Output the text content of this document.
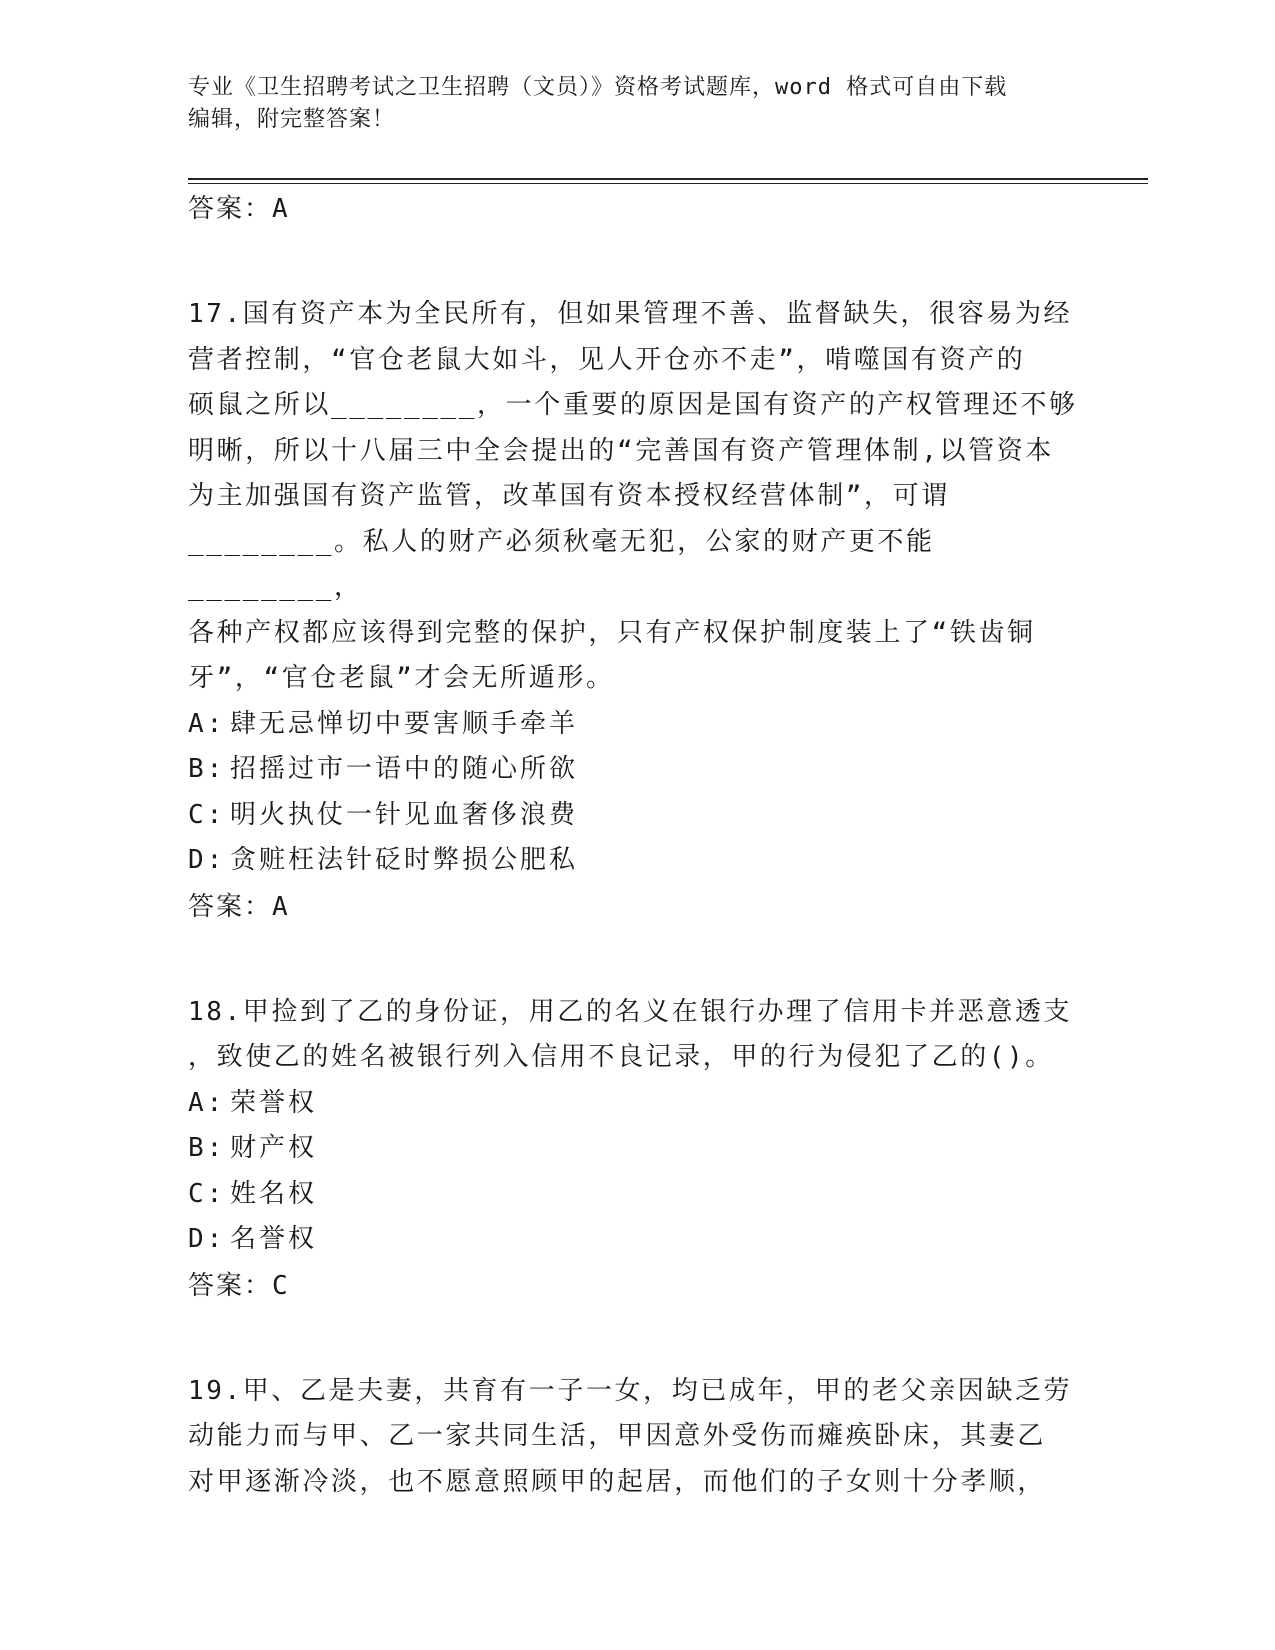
专业《卫生招聘考试之卫生招聘（文员）》资格考试题库，word 格式可自由下载
编辑，附完整答案！
答案：A
17.国有资产本为全民所有，但如果管理不善、监督缺失，很容易为经
营者控制，“官仓老鼠大如斗，见人开仓亦不走”，啃噬国有资产的
硕鼠之所以________，一个重要的原因是国有资产的产权管理还不够
明晰，所以十八届三中全会提出的“完善国有资产管理体制,以管资本
为主加强国有资产监管，改革国有资本授权经营体制”，可谓
________。私人的财产必须秋毫无犯，公家的财产更不能________，
各种产权都应该得到完整的保护，只有产权保护制度装上了“铁齿铜
牙”，“官仓老鼠”才会无所遁形。
A: 肆无忌惮切中要害顺手牵羊
B: 招摇过市一语中的随心所欲
C: 明火执仗一针见血奢侈浪费
D: 贪赃枉法针砭时弊损公肥私
答案：A
18.甲捡到了乙的身份证，用乙的名义在银行办理了信用卡并恶意透支
，致使乙的姓名被银行列入信用不良记录，甲的行为侵犯了乙的()。
A: 荣誉权
B: 财产权
C: 姓名权
D: 名誉权
答案：C
19.甲、乙是夫妻，共育有一子一女，均已成年，甲的老父亲因缺乏劳
动能力而与甲、乙一家共同生活，甲因意外受伤而瘫痪卧床，其妻乙
对甲逐渐冷淡，也不愿意照顾甲的起居，而他们的子女则十分孝顺，
